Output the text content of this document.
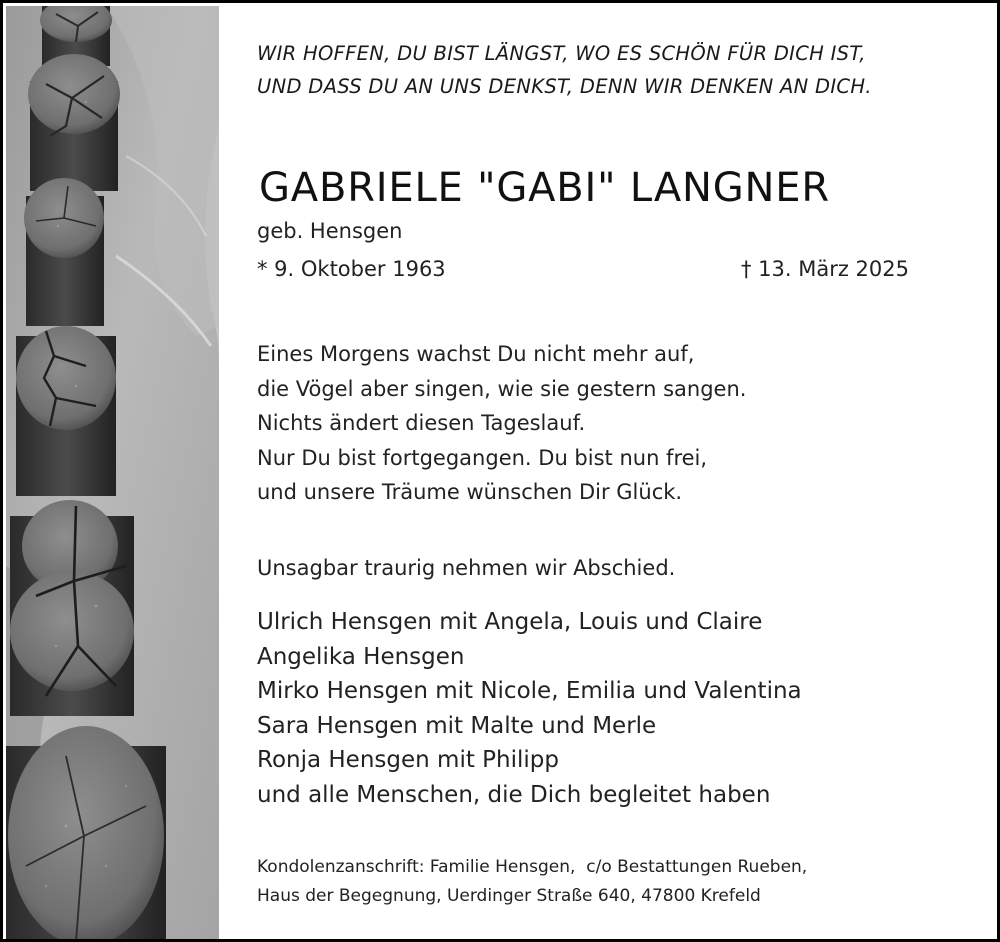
WIR HOFFEN, DU BIST LÄNGST, WO ES SCHÖN FÜR DICH IST,
UND DASS DU AN UNS DENKST, DENN WIR DENKEN AN DICH.
GABRIELE "GABI" LANGNER
geb. Hensgen
* 9. Oktober 1963	† 13. März 2025
Eines Morgens wachst Du nicht mehr auf,
die Vögel aber singen, wie sie gestern sangen.
Nichts ändert diesen Tageslauf.
Nur Du bist fortgegangen. Du bist nun frei,
und unsere Träume wünschen Dir Glück.
Unsagbar traurig nehmen wir Abschied.
Ulrich Hensgen mit Angela, Louis und Claire
Angelika Hensgen
Mirko Hensgen mit Nicole, Emilia und Valentina
Sara Hensgen mit Malte und Merle
Ronja Hensgen mit Philipp
und alle Menschen, die Dich begleitet haben
Kondolenzanschrift: Familie Hensgen,  c/o Bestattungen Rueben,
Haus der Begegnung, Uerdinger Straße 640, 47800 Krefeld
